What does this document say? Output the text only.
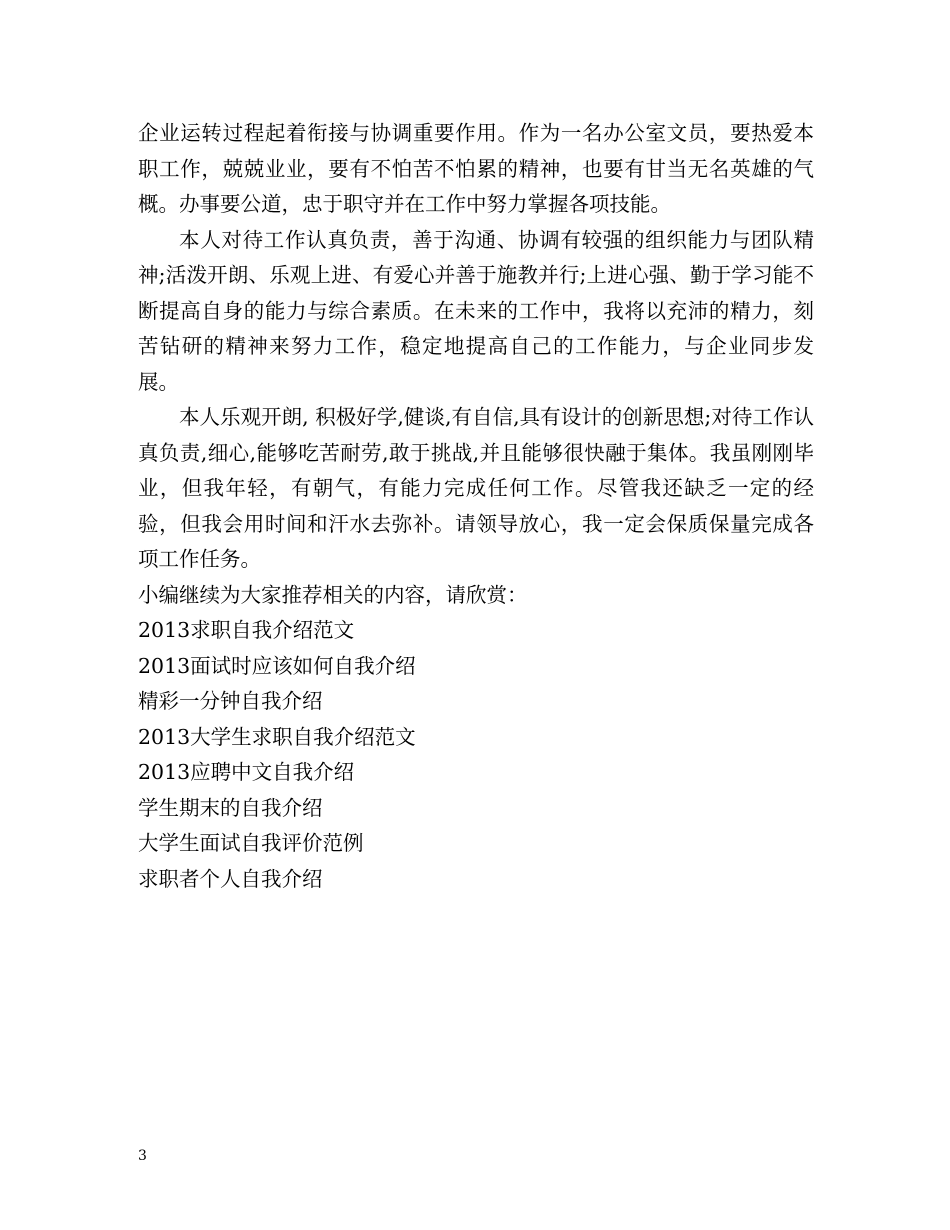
企业运转过程起着衔接与协调重要作用。作为一名办公室文员，要热爱本职工作，兢兢业业，要有不怕苦不怕累的精神，也要有甘当无名英雄的气概。办事要公道，忠于职守并在工作中努力掌握各项技能。

本人对待工作认真负责，善于沟通、协调有较强的组织能力与团队精神;活泼开朗、乐观上进、有爱心并善于施教并行;上进心强、勤于学习能不断提高自身的能力与综合素质。在未来的工作中，我将以充沛的精力，刻苦钻研的精神来努力工作，稳定地提高自己的工作能力，与企业同步发展。

本人乐观开朗, 积极好学,健谈,有自信,具有设计的创新思想;对待工作认真负责,细心,能够吃苦耐劳,敢于挑战,并且能够很快融于集体。我虽刚刚毕业，但我年轻，有朝气，有能力完成任何工作。尽管我还缺乏一定的经验，但我会用时间和汗水去弥补。请领导放心，我一定会保质保量完成各项工作任务。

小编继续为大家推荐相关的内容，请欣赏：

2013求职自我介绍范文

2013面试时应该如何自我介绍

精彩一分钟自我介绍

2013大学生求职自我介绍范文

2013应聘中文自我介绍

学生期末的自我介绍

大学生面试自我评价范例

求职者个人自我介绍

3
